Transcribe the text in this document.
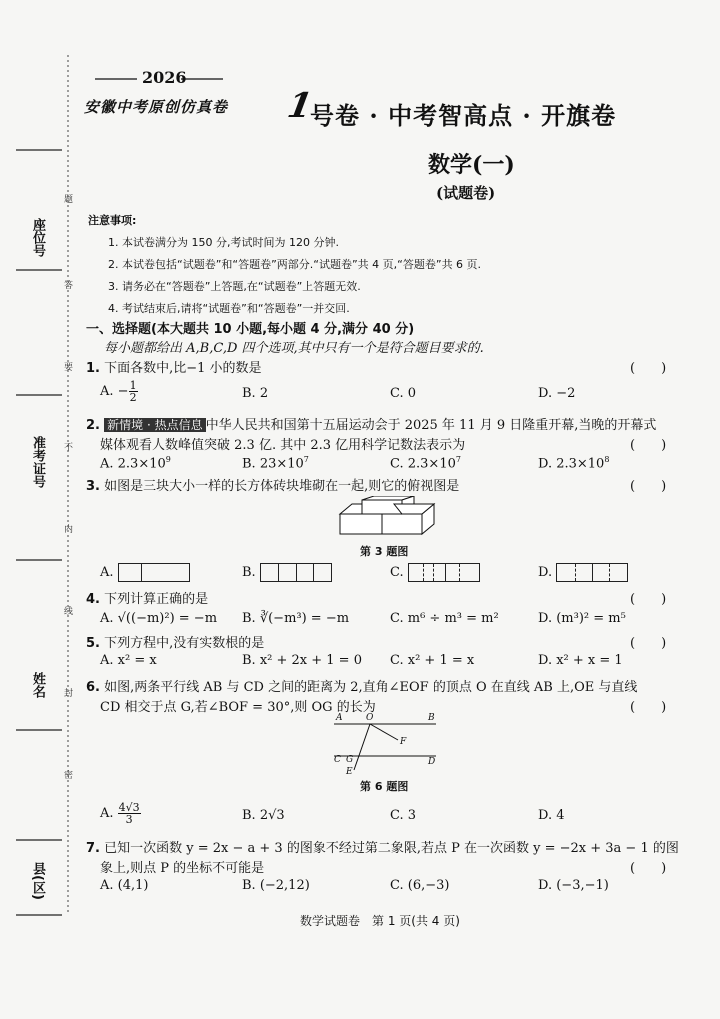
座位号
准考证号
姓名
县(区)
题
答
要
不
内
线
封
密
2026
安徽中考原创仿真卷 1
号卷 · 中考智高点 · 开旗卷
数学(一)
(试题卷)
注意事项:
1. 本试卷满分为 150 分,考试时间为 120 分钟.
2. 本试卷包括“试题卷”和“答题卷”两部分.“试题卷”共 4 页,“答题卷”共 6 页.
3. 请务必在“答题卷”上答题,在“试题卷”上答题无效.
4. 考试结束后,请将“试题卷”和“答题卷”一并交回.
一、选择题(本大题共 10 小题,每小题 4 分,满分 40 分)
每小题都给出 A,B,C,D 四个选项,其中只有一个是符合题目要求的.
1. 下面各数中,比−1 小的数是	(　　)
A. − $\frac{1}{2}$	B. 2	C. 0	D. −2
2. 新情境 · 热点信息 中华人民共和国第十五届运动会于 2025 年 11 月 9 日隆重开幕,当晚的开幕式
媒体观看人数峰值突破 2.3 亿. 其中 2.3 亿用科学记数法表示为	(　　)
A. $2.3\times 10^9$	B. $23\times 10^7$	C. $2.3\times 10^7$	D. $2.3\times 10^8$
3. 如图是三块大小一样的长方体砖块堆砌在一起,则它的俯视图是	(　　)
第 3 题图
A.	B.	C.	D.
4. 下列计算正确的是	(　　)
A. √((−m)²) = −m B. ∛(−m³) = −m	C. m⁶ ÷ m³ = m²	D. (m³)² = m⁵
5. 下列方程中,没有实数根的是	(　　)
A. x² = x	B. x² + 2x + 1 = 0 C. x² + 1 = x	D. x² + x = 1
6. 如图,两条平行线 AB 与 CD 之间的距离为 2,直角∠EOF 的顶点 O 在直线 AB 上,OE 与直线
CD 相交于点 G,若∠BOF = 30°,则 OG 的长为	(　　)
A	O	B
F
C G	D
E
第 6 题图
A. $\frac{4√3}{3}$	B. 2√3	C. 3	D. 4
7. 已知一次函数 y = 2x − a + 3 的图象不经过第二象限,若点 P 在一次函数 y = −2x + 3a − 1 的图
象上,则点 P 的坐标不可能是	(　　)
A. (4,1)	B. (−2,12)	C. (6,−3)	D. (−3,−1)
数学试题卷　第 1 页(共 4 页)
